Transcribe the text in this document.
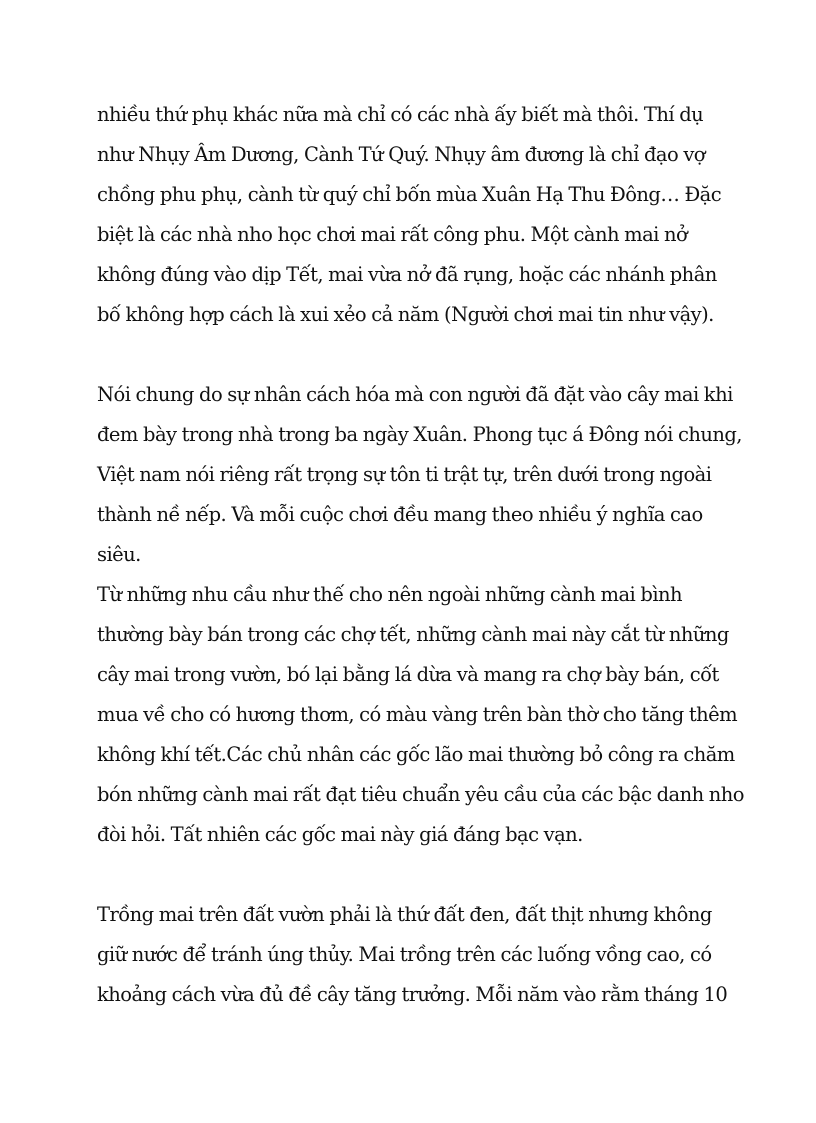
nhiều thứ phụ khác nữa mà chỉ có các nhà ấy biết mà thôi. Thí dụ
như Nhụy Âm Dương, Cành Tứ Quý. Nhụy âm đương là chỉ đạo vợ
chồng phu phụ, cành từ quý chỉ bốn mùa Xuân Hạ Thu Đông… Đặc
biệt là các nhà nho học chơi mai rất công phu. Một cành mai nở
không đúng vào dịp Tết, mai vừa nở đã rụng, hoặc các nhánh phân
bố không hợp cách là xui xẻo cả năm (Người chơi mai tin như vậy).
Nói chung do sự nhân cách hóa mà con người đã đặt vào cây mai khi
đem bày trong nhà trong ba ngày Xuân. Phong tục á Đông nói chung,
Việt nam nói riêng rất trọng sự tôn ti trật tự, trên dưới trong ngoài
thành nề nếp. Và mỗi cuộc chơi đều mang theo nhiều ý nghĩa cao
siêu.
Từ những nhu cầu như thế cho nên ngoài những cành mai bình
thường bày bán trong các chợ tết, những cành mai này cắt từ những
cây mai trong vườn, bó lại bằng lá dừa và mang ra chợ bày bán, cốt
mua về cho có hương thơm, có màu vàng trên bàn thờ cho tăng thêm
không khí tết.Các chủ nhân các gốc lão mai thường bỏ công ra chăm
bón những cành mai rất đạt tiêu chuẩn yêu cầu của các bậc danh nho
đòi hỏi. Tất nhiên các gốc mai này giá đáng bạc vạn.
Trồng mai trên đất vườn phải là thứ đất đen, đất thịt nhưng không
giữ nước để tránh úng thủy. Mai trồng trên các luống vồng cao, có
khoảng cách vừa đủ đề cây tăng trưởng. Mỗi năm vào rằm tháng 10
